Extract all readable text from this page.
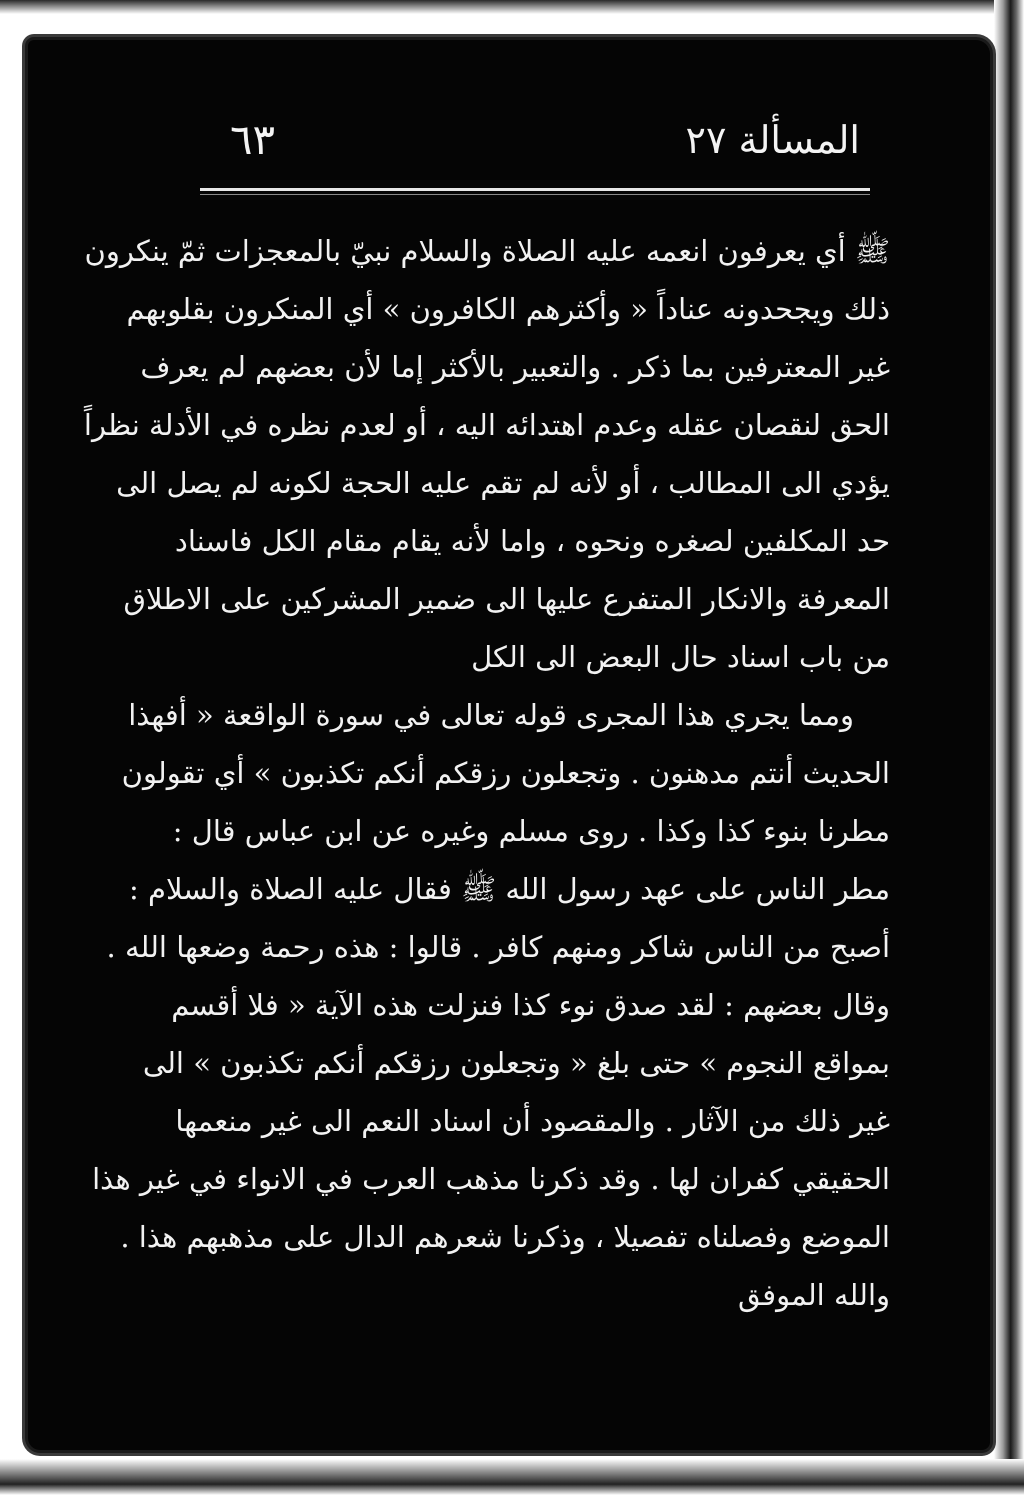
المسألة ٢٧
٦٣
ﷺ أي يعرفون انعمه عليه الصلاة والسلام نبيّ بالمعجزات ثمّ ينكرون
ذلك ويجحدونه عناداً « وأكثرهم الكافرون » أي المنكرون بقلوبهم
غير المعترفين بما ذكر . والتعبير بالأكثر إما لأن بعضهم لم يعرف
الحق لنقصان عقله وعدم اهتدائه اليه ، أو لعدم نظره في الأدلة نظراً
يؤدي الى المطالب ، أو لأنه لم تقم عليه الحجة لكونه لم يصل الى
حد المكلفين لصغره ونحوه ، واما لأنه يقام مقام الكل فاسناد
المعرفة والانكار المتفرع عليها الى ضمير المشركين على الاطلاق
من باب اسناد حال البعض الى الكل
ومما يجري هذا المجرى قوله تعالى في سورة الواقعة « أفهذا
الحديث أنتم مدهنون . وتجعلون رزقكم أنكم تكذبون » أي تقولون
مطرنا بنوء كذا وكذا . روى مسلم وغيره عن ابن عباس قال :
مطر الناس على عهد رسول الله ﷺ فقال عليه الصلاة والسلام :
أصبح من الناس شاكر ومنهم كافر . قالوا : هذه رحمة وضعها الله .
وقال بعضهم : لقد صدق نوء كذا فنزلت هذه الآية « فلا أقسم
بمواقع النجوم » حتى بلغ « وتجعلون رزقكم أنكم تكذبون » الى
غير ذلك من الآثار . والمقصود أن اسناد النعم الى غير منعمها
الحقيقي كفران لها . وقد ذكرنا مذهب العرب في الانواء في غير هذا
الموضع وفصلناه تفصيلا ، وذكرنا شعرهم الدال على مذهبهم هذا .
والله الموفق
